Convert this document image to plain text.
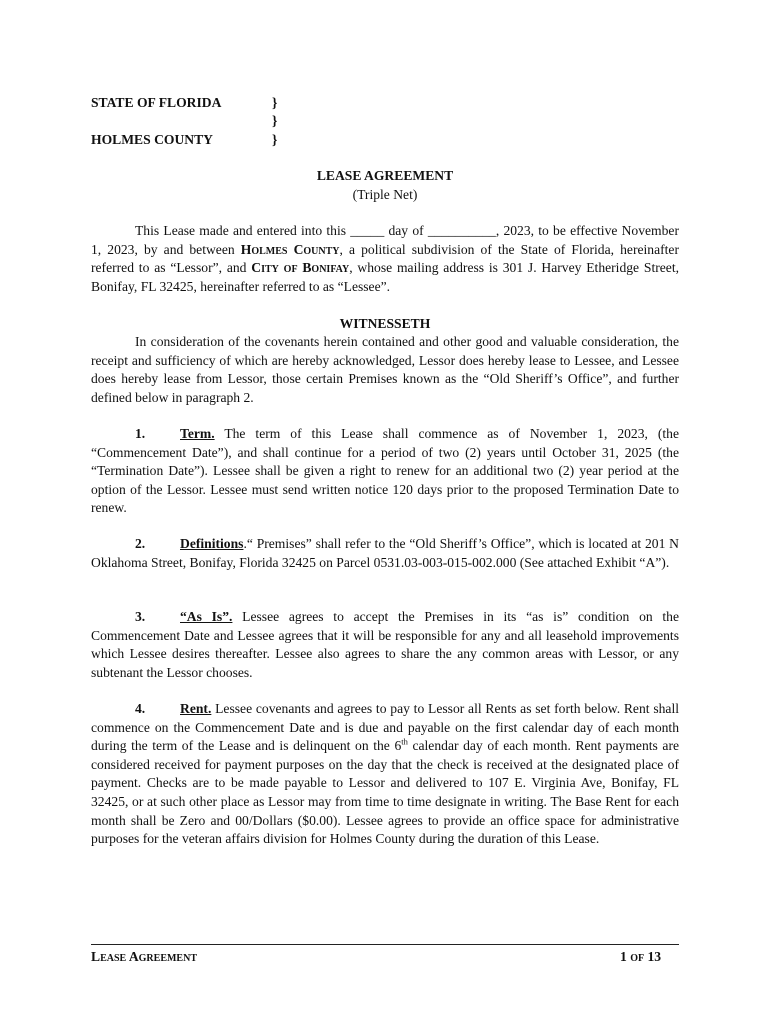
STATE OF FLORIDA	}
}
HOLMES COUNTY	}
LEASE AGREEMENT
(Triple Net)

This Lease made and entered into this _____ day of __________, 2023, to be effective November 1, 2023, by and between Holmes County, a political subdivision of the State of Florida, hereinafter referred to as “Lessor”, and City of Bonifay, whose mailing address is 301 J. Harvey Etheridge Street, Bonifay, FL 32425, hereinafter referred to as “Lessee”.

WITNESSETH

In consideration of the covenants herein contained and other good and valuable consideration, the receipt and sufficiency of which are hereby acknowledged, Lessor does hereby lease to Lessee, and Lessee does hereby lease from Lessor, those certain Premises known as the “Old Sheriff’s Office”, and further defined below in paragraph 2.

1.	Term. The term of this Lease shall commence as of November 1, 2023, (the “Commencement Date”), and shall continue for a period of two (2) years until October 31, 2025 (the “Termination Date”). Lessee shall be given a right to renew for an additional two (2) year period at the option of the Lessor. Lessee must send written notice 120 days prior to the proposed Termination Date to renew.

2.	Definitions.“ Premises” shall refer to the “Old Sheriff’s Office”, which is located at 201 N Oklahoma Street, Bonifay, Florida 32425 on Parcel 0531.03-003-015-002.000 (See attached Exhibit “A”).

3.	“As Is”. Lessee agrees to accept the Premises in its “as is” condition on the Commencement Date and Lessee agrees that it will be responsible for any and all leasehold improvements which Lessee desires thereafter. Lessee also agrees to share the any common areas with Lessor, or any subtenant the Lessor chooses.

4.	Rent. Lessee covenants and agrees to pay to Lessor all Rents as set forth below. Rent shall commence on the Commencement Date and is due and payable on the first calendar day of each month during the term of the Lease and is delinquent on the 6th calendar day of each month. Rent payments are considered received for payment purposes on the day that the check is received at the designated place of payment. Checks are to be made payable to Lessor and delivered to 107 E. Virginia Ave, Bonifay, FL 32425, or at such other place as Lessor may from time to time designate in writing. The Base Rent for each month shall be Zero and 00/Dollars ($0.00). Lessee agrees to provide an office space for administrative purposes for the veteran affairs division for Holmes County during the duration of this Lease.

Lease Agreement	1 of 13
